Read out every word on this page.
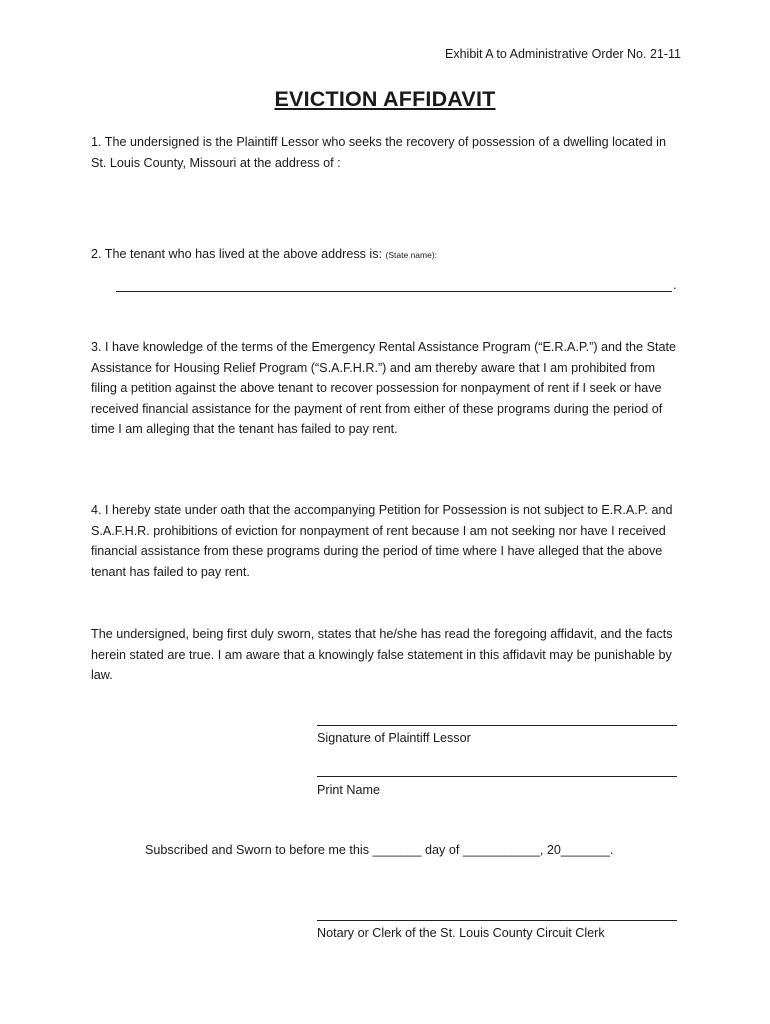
Exhibit A to Administrative Order No. 21-11
EVICTION AFFIDAVIT
1. The undersigned is the Plaintiff Lessor who seeks the recovery of possession of a dwelling located in St. Louis County, Missouri at the address of :
2. The tenant who has lived at the above address is: (State name):
.
3. I have knowledge of the terms of the Emergency Rental Assistance Program (“E.R.A.P.”) and the State Assistance for Housing Relief Program (“S.A.F.H.R.”) and am thereby aware that I am prohibited from filing a petition against the above tenant to recover possession for nonpayment of rent if I seek or have received financial assistance for the payment of rent from either of these programs during the period of time I am alleging that the tenant has failed to pay rent.
4. I hereby state under oath that the accompanying Petition for Possession is not subject to E.R.A.P. and S.A.F.H.R. prohibitions of eviction for nonpayment of rent because I am not seeking nor have I received financial assistance from these programs during the period of time where I have alleged that the above tenant has failed to pay rent.
The undersigned, being first duly sworn, states that he/she has read the foregoing affidavit, and the facts herein stated are true. I am aware that a knowingly false statement in this affidavit may be punishable by law.
Signature of Plaintiff Lessor
Print Name
Subscribed and Sworn to before me this _______ day of ___________, 20_______.
Notary or Clerk of the St. Louis County Circuit Clerk
